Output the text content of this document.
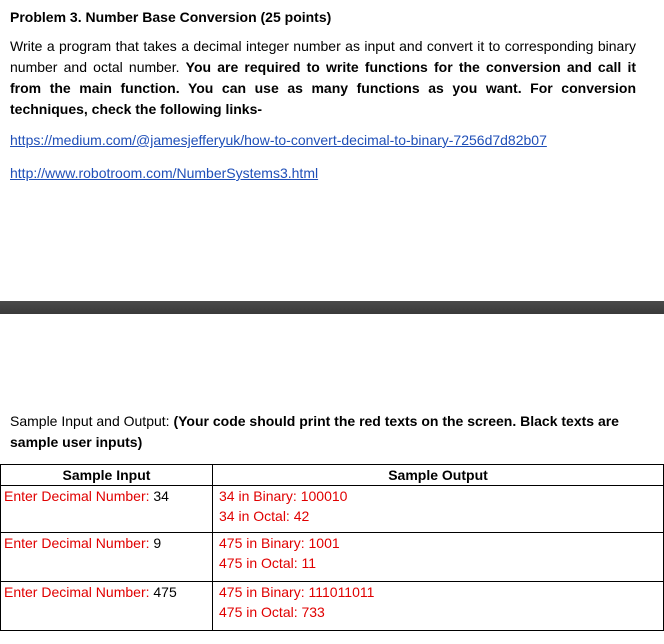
Problem 3. Number Base Conversion (25 points)
Write a program that takes a decimal integer number as input and convert it to corresponding binary number and octal number. You are required to write functions for the conversion and call it from the main function. You can use as many functions as you want. For conversion techniques, check the following links-
https://medium.com/@jamesjefferyuk/how-to-convert-decimal-to-binary-7256d7d82b07
http://www.robotroom.com/NumberSystems3.html
Sample Input and Output: (Your code should print the red texts on the screen. Black texts are sample user inputs)
Sample Input	Sample Output

Enter Decimal Number: 34	34 in Binary: 100010
34 in Octal: 42

Enter Decimal Number: 9	475 in Binary: 1001
475 in Octal: 11

Enter Decimal Number: 475	475 in Binary: 111011011
475 in Octal: 733
